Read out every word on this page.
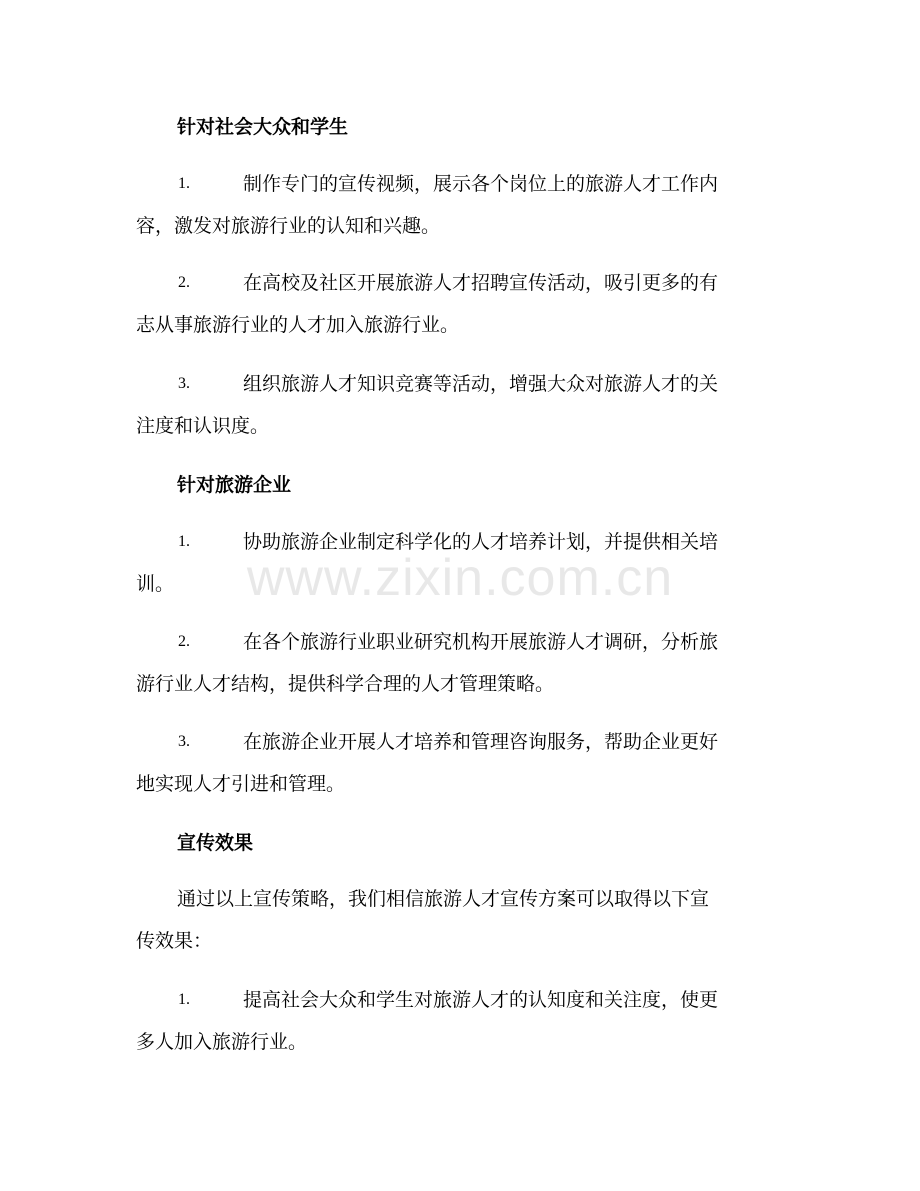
针对社会大众和学生
1.	制作专门的宣传视频，展示各个岗位上的旅游人才工作内
容，激发对旅游行业的认知和兴趣。
2.	在高校及社区开展旅游人才招聘宣传活动，吸引更多的有
志从事旅游行业的人才加入旅游行业。
3.	组织旅游人才知识竞赛等活动，增强大众对旅游人才的关
注度和认识度。
针对旅游企业
1.	协助旅游企业制定科学化的人才培养计划，并提供相关培
训。
2.	在各个旅游行业职业研究机构开展旅游人才调研，分析旅
游行业人才结构，提供科学合理的人才管理策略。
3.	在旅游企业开展人才培养和管理咨询服务，帮助企业更好
地实现人才引进和管理。
宣传效果
通过以上宣传策略，我们相信旅游人才宣传方案可以取得以下宣
传效果：
1.	提高社会大众和学生对旅游人才的认知度和关注度，使更
多人加入旅游行业。
www.zixin.com.cn
